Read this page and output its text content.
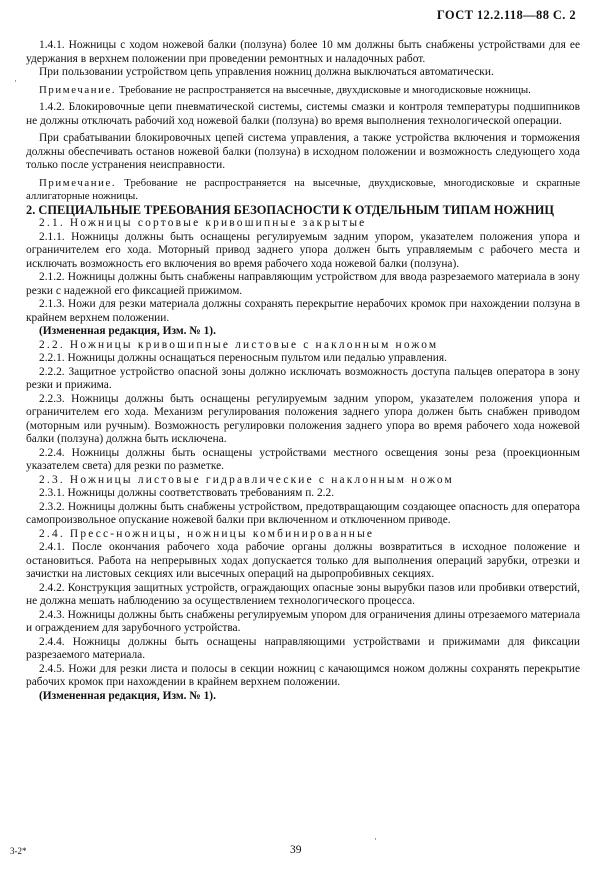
ГОСТ 12.2.118—88 С. 2

1.4.1. Ножницы с ходом ножевой балки (ползуна) более 10 мм должны быть снабжены устройствами для ее удержания в верхнем положении при проведении ремонтных и наладочных работ.

При пользовании устройством цепь управления ножниц должна выключаться автоматически.

Примечание. Требование не распространяется на высечные, двухдисковые и многодисковые ножницы.

1.4.2. Блокировочные цепи пневматической системы, системы смазки и контроля температуры подшипников не должны отключать рабочий ход ножевой балки (ползуна) во время выполнения технологической операции.

При срабатывании блокировочных цепей система управления, а также устройства включения и торможения должны обеспечивать останов ножевой балки (ползуна) в исходном положении и возможность следующего хода только после устранения неисправности.

Примечание. Требование не распространяется на высечные, двухдисковые, многодисковые и скрапные аллигаторные ножницы.

2. СПЕЦИАЛЬНЫЕ ТРЕБОВАНИЯ БЕЗОПАСНОСТИ К ОТДЕЛЬНЫМ ТИПАМ НОЖНИЦ

2.1. Ножницы сортовые кривошипные закрытые

2.1.1. Ножницы должны быть оснащены регулируемым задним упором, указателем положения упора и ограничителем его хода. Моторный привод заднего упора должен быть управляемым с рабочего места и исключать возможность его включения во время рабочего хода ножевой балки (ползуна).

2.1.2. Ножницы должны быть снабжены направляющим устройством для ввода разрезаемого материала в зону резки с надежной его фиксацией прижимом.

2.1.3. Ножи для резки материала должны сохранять перекрытие нерабочих кромок при нахождении ползуна в крайнем верхнем положении.

(Измененная редакция, Изм. № 1).

2.2. Ножницы кривошипные листовые с наклонным ножом

2.2.1. Ножницы должны оснащаться переносным пультом или педалью управления.

2.2.2. Защитное устройство опасной зоны должно исключать возможность доступа пальцев оператора в зону резки и прижима.

2.2.3. Ножницы должны быть оснащены регулируемым задним упором, указателем положения упора и ограничителем его хода. Механизм регулирования положения заднего упора должен быть снабжен приводом (моторным или ручным). Возможность регулировки положения заднего упора во время рабочего хода ножевой балки (ползуна) должна быть исключена.

2.2.4. Ножницы должны быть оснащены устройствами местного освещения зоны реза (проекционным указателем света) для резки по разметке.

2.3. Ножницы листовые гидравлические с наклонным ножом

2.3.1. Ножницы должны соответствовать требованиям п. 2.2.

2.3.2. Ножницы должны быть снабжены устройством, предотвращающим создающее опасность для оператора самопроизвольное опускание ножевой балки при включенном и отключенном приводе.

2.4. Пресс-ножницы, ножницы комбинированные

2.4.1. После окончания рабочего хода рабочие органы должны возвратиться в исходное положение и остановиться. Работа на непрерывных ходах допускается только для выполнения операций зарубки, отрезки и зачистки на листовых секциях или высечных операций на дыропробивных секциях.

2.4.2. Конструкция защитных устройств, ограждающих опасные зоны вырубки пазов или пробивки отверстий, не должна мешать наблюдению за осуществлением технологического процесса.

2.4.3. Ножницы должны быть снабжены регулируемым упором для ограничения длины отрезаемого материала и ограждением для зарубочного устройства.

2.4.4. Ножницы должны быть оснащены направляющими устройствами и прижимами для фиксации разрезаемого материала.

2.4.5. Ножи для резки листа и полосы в секции ножниц с качающимся ножом должны сохранять перекрытие рабочих кромок при нахождении в крайнем верхнем положении.

(Измененная редакция, Изм. № 1).

3-2*	39
·
·
